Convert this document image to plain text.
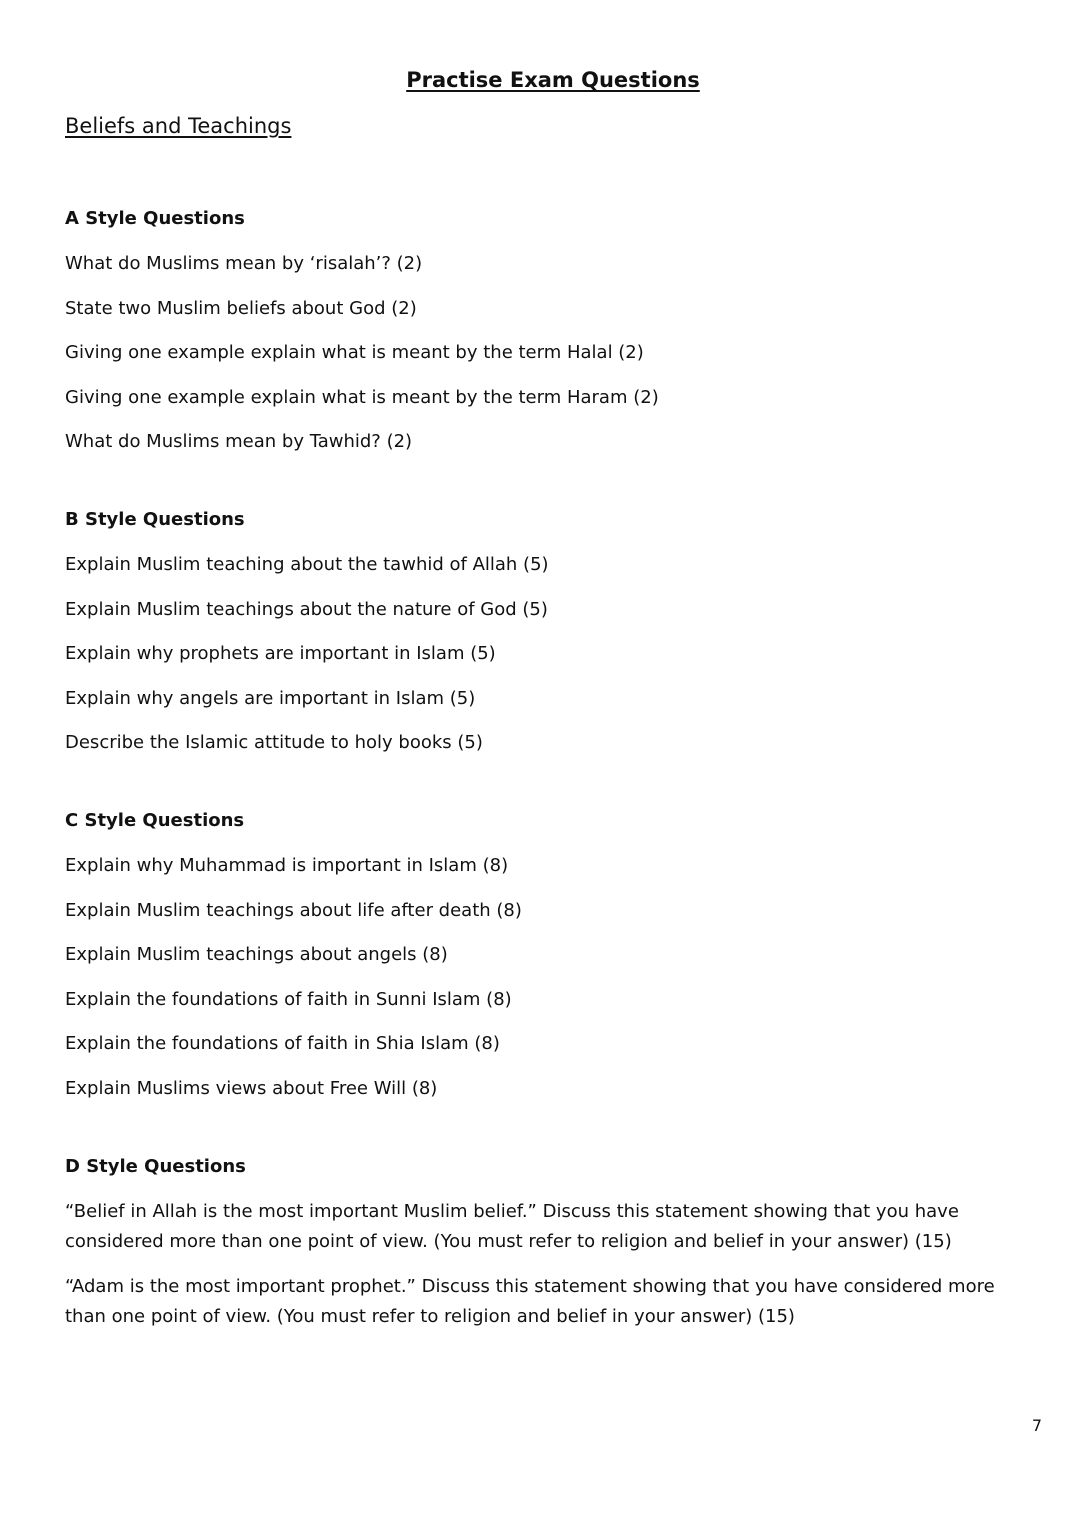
Practise Exam Questions
Beliefs and Teachings
A Style Questions
What do Muslims mean by ‘risalah’? (2)
State two Muslim beliefs about God (2)
Giving one example explain what is meant by the term Halal (2)
Giving one example explain what is meant by the term Haram (2)
What do Muslims mean by Tawhid? (2)
B Style Questions
Explain Muslim teaching about the tawhid of Allah (5)
Explain Muslim teachings about the nature of God (5)
Explain why prophets are important in Islam (5)
Explain why angels are important in Islam (5)
Describe the Islamic attitude to holy books (5)
C Style Questions
Explain why Muhammad is important in Islam (8)
Explain Muslim teachings about life after death (8)
Explain Muslim teachings about angels (8)
Explain the foundations of faith in Sunni Islam (8)
Explain the foundations of faith in Shia Islam (8)
Explain Muslims views about Free Will (8)
D Style Questions
“Belief in Allah is the most important Muslim belief.” Discuss this statement showing that you have
considered more than one point of view. (You must refer to religion and belief in your answer) (15)
“Adam is the most important prophet.” Discuss this statement showing that you have considered more
than one point of view. (You must refer to religion and belief in your answer) (15)
7
